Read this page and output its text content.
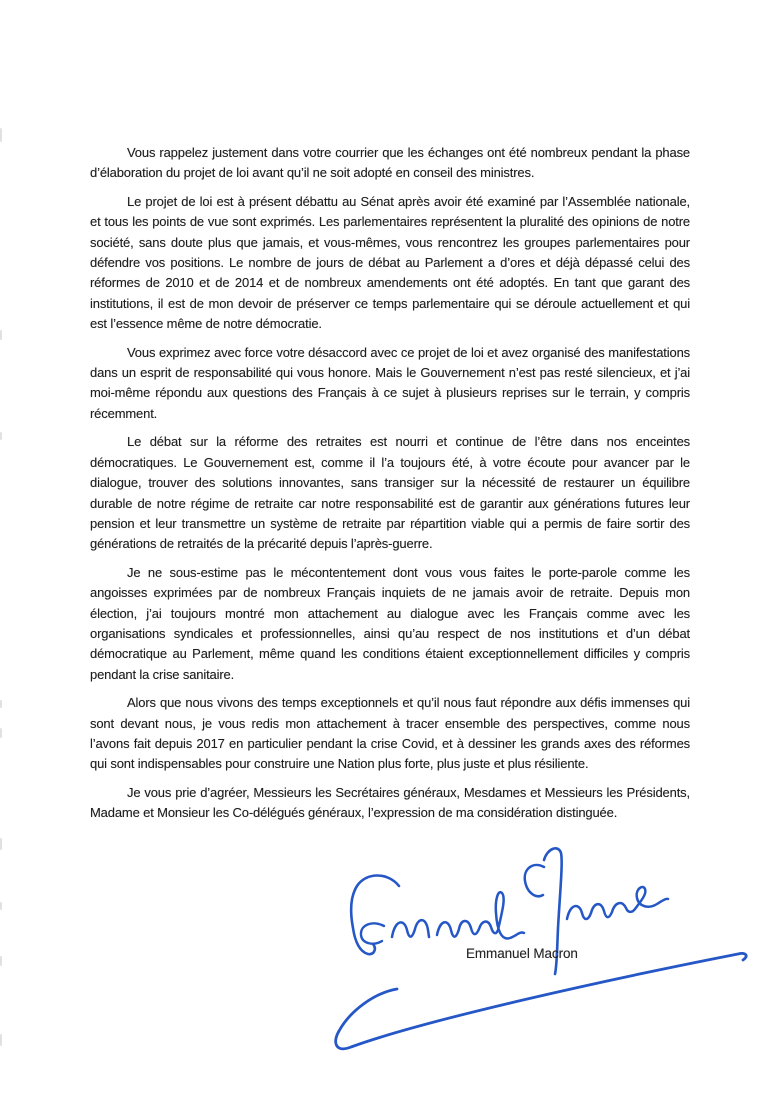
Vous rappelez justement dans votre courrier que les échanges ont été nombreux pendant la phase d’élaboration du projet de loi avant qu’il ne soit adopté en conseil des ministres.

Le projet de loi est à présent débattu au Sénat après avoir été examiné par l’Assemblée nationale, et tous les points de vue sont exprimés. Les parlementaires représentent la pluralité des opinions de notre société, sans doute plus que jamais, et vous-mêmes, vous rencontrez les groupes parlementaires pour défendre vos positions. Le nombre de jours de débat au Parlement a d’ores et déjà dépassé celui des réformes de 2010 et de 2014 et de nombreux amendements ont été adoptés. En tant que garant des institutions, il est de mon devoir de préserver ce temps parlementaire qui se déroule actuellement et qui est l’essence même de notre démocratie.

Vous exprimez avec force votre désaccord avec ce projet de loi et avez organisé des manifestations dans un esprit de responsabilité qui vous honore. Mais le Gouvernement n’est pas resté silencieux, et j’ai moi-même répondu aux questions des Français à ce sujet à plusieurs reprises sur le terrain, y compris récemment.

Le débat sur la réforme des retraites est nourri et continue de l’être dans nos enceintes démocratiques. Le Gouvernement est, comme il l’a toujours été, à votre écoute pour avancer par le dialogue, trouver des solutions innovantes, sans transiger sur la nécessité de restaurer un équilibre durable de notre régime de retraite car notre responsabilité est de garantir aux générations futures leur pension et leur transmettre un système de retraite par répartition viable qui a permis de faire sortir des générations de retraités de la précarité depuis l’après-guerre.

Je ne sous-estime pas le mécontentement dont vous vous faites le porte-parole comme les angoisses exprimées par de nombreux Français inquiets de ne jamais avoir de retraite. Depuis mon élection, j’ai toujours montré mon attachement au dialogue avec les Français comme avec les organisations syndicales et professionnelles, ainsi qu’au respect de nos institutions et d’un débat démocratique au Parlement, même quand les conditions étaient exceptionnellement difficiles y compris pendant la crise sanitaire.

Alors que nous vivons des temps exceptionnels et qu’il nous faut répondre aux défis immenses qui sont devant nous, je vous redis mon attachement à tracer ensemble des perspectives, comme nous l’avons fait depuis 2017 en particulier pendant la crise Covid, et à dessiner les grands axes des réformes qui sont indispensables pour construire une Nation plus forte, plus juste et plus résiliente.

Je vous prie d’agréer, Messieurs les Secrétaires généraux, Mesdames et Messieurs les Présidents, Madame et Monsieur les Co-délégués généraux, l’expression de ma considération distinguée.

Emmanuel Macron
